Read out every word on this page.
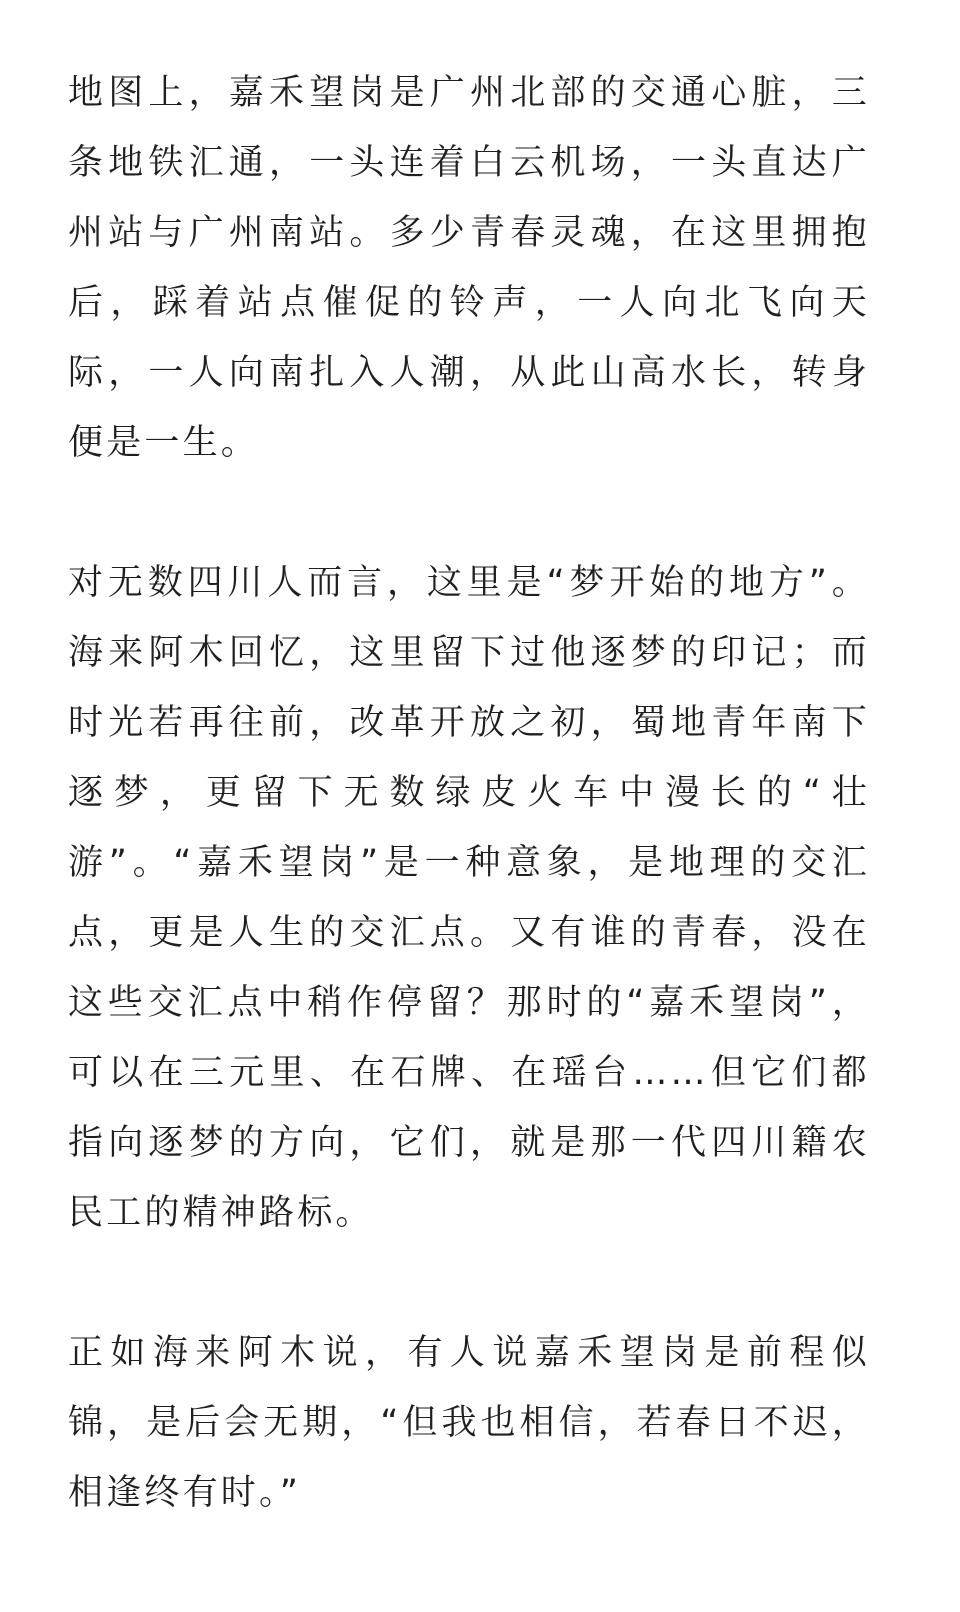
地图上，嘉禾望岗是广州北部的交通心脏，三条地铁汇通，一头连着白云机场，一头直达广州站与广州南站。多少青春灵魂，在这里拥抱后，踩着站点催促的铃声，一人向北飞向天际，一人向南扎入人潮，从此山高水长，转身便是一生。

对无数四川人而言，这里是“梦开始的地方”。海来阿木回忆，这里留下过他逐梦的印记；而时光若再往前，改革开放之初，蜀地青年南下逐梦，更留下无数绿皮火车中漫长的“壮游”。“嘉禾望岗”是一种意象，是地理的交汇点，更是人生的交汇点。又有谁的青春，没在这些交汇点中稍作停留？那时的“嘉禾望岗”，可以在三元里、在石牌、在瑶台……但它们都指向逐梦的方向，它们，就是那一代四川籍农民工的精神路标。

正如海来阿木说，有人说嘉禾望岗是前程似锦，是后会无期，“但我也相信，若春日不迟，相逢终有时。”
